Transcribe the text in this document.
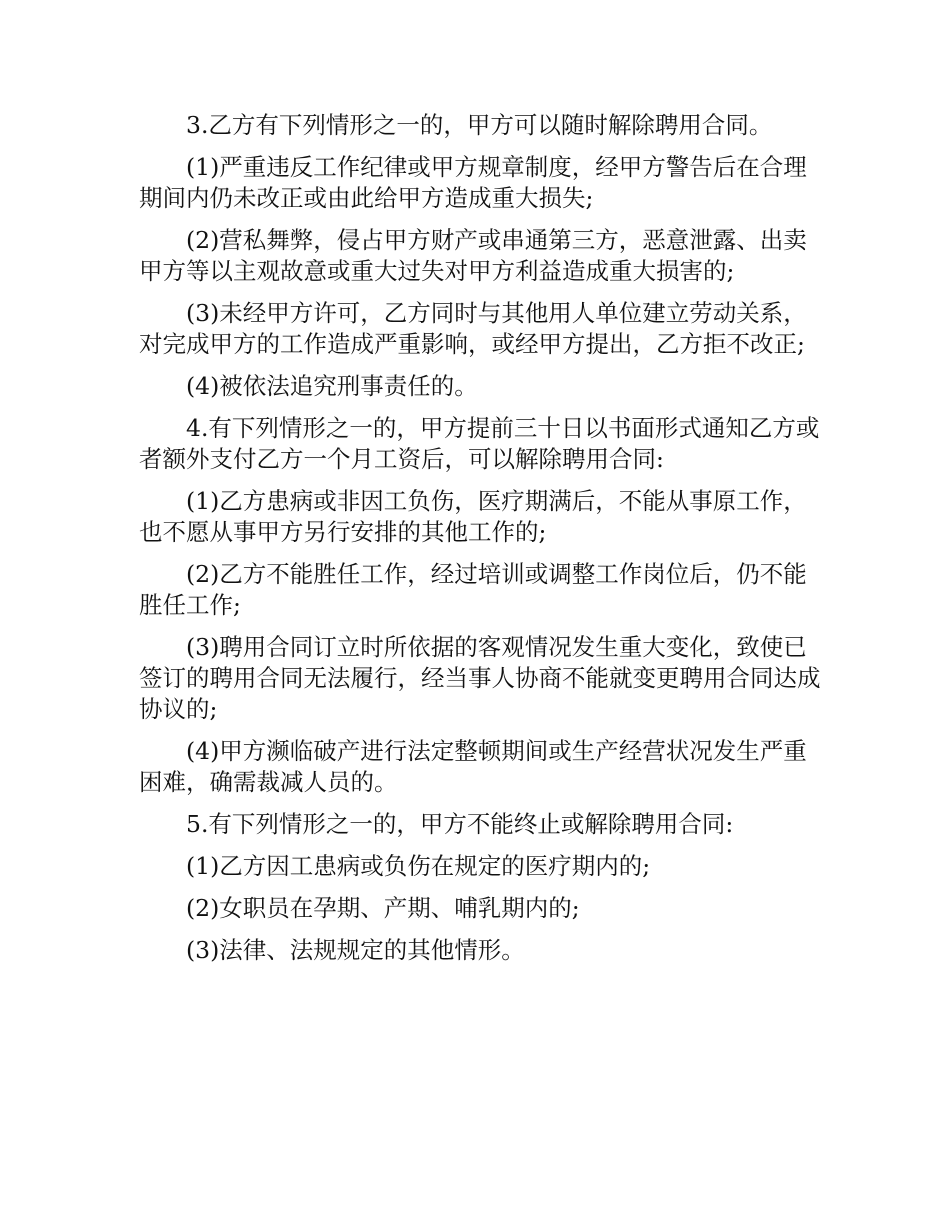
3.乙方有下列情形之一的，甲方可以随时解除聘用合同。

(1)严重违反工作纪律或甲方规章制度，经甲方警告后在合理期间内仍未改正或由此给甲方造成重大损失;

(2)营私舞弊，侵占甲方财产或串通第三方，恶意泄露、出卖甲方等以主观故意或重大过失对甲方利益造成重大损害的;

(3)未经甲方许可，乙方同时与其他用人单位建立劳动关系，对完成甲方的工作造成严重影响，或经甲方提出，乙方拒不改正;

(4)被依法追究刑事责任的。

4.有下列情形之一的，甲方提前三十日以书面形式通知乙方或者额外支付乙方一个月工资后，可以解除聘用合同:

(1)乙方患病或非因工负伤，医疗期满后，不能从事原工作，也不愿从事甲方另行安排的其他工作的;

(2)乙方不能胜任工作，经过培训或调整工作岗位后，仍不能胜任工作;

(3)聘用合同订立时所依据的客观情况发生重大变化，致使已签订的聘用合同无法履行，经当事人协商不能就变更聘用合同达成协议的;

(4)甲方濒临破产进行法定整顿期间或生产经营状况发生严重困难，确需裁减人员的。

5.有下列情形之一的，甲方不能终止或解除聘用合同:

(1)乙方因工患病或负伤在规定的医疗期内的;

(2)女职员在孕期、产期、哺乳期内的;

(3)法律、法规规定的其他情形。
